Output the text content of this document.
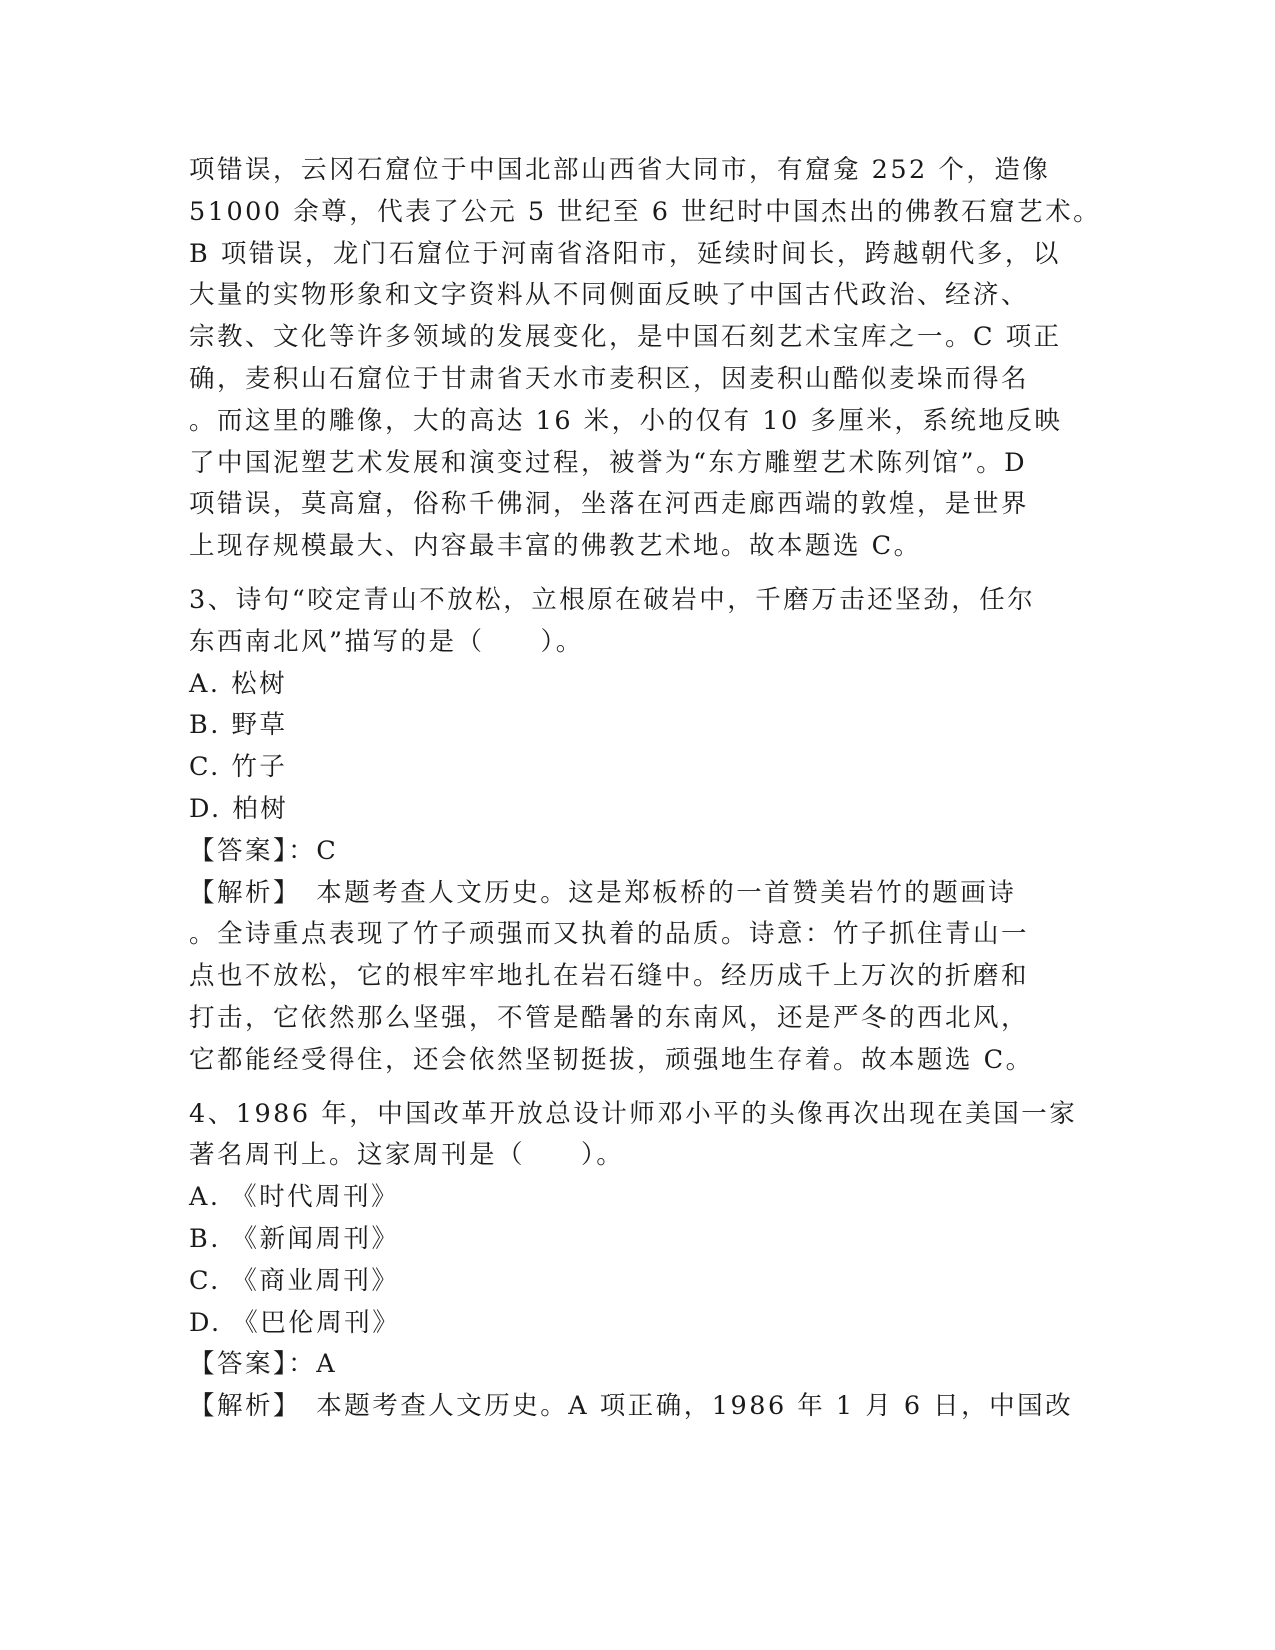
项错误，云冈石窟位于中国北部山西省大同市，有窟龛 252 个，造像

51000 余尊，代表了公元 5 世纪至 6 世纪时中国杰出的佛教石窟艺术。

B 项错误，龙门石窟位于河南省洛阳市，延续时间长，跨越朝代多，以

大量的实物形象和文字资料从不同侧面反映了中国古代政治、经济、

宗教、文化等许多领域的发展变化，是中国石刻艺术宝库之一。C 项正

确，麦积山石窟位于甘肃省天水市麦积区，因麦积山酷似麦垛而得名

。而这里的雕像，大的高达 16 米，小的仅有 10 多厘米，系统地反映

了中国泥塑艺术发展和演变过程，被誉为“东方雕塑艺术陈列馆”。D

项错误，莫高窟，俗称千佛洞，坐落在河西走廊西端的敦煌，是世界

上现存规模最大、内容最丰富的佛教艺术地。故本题选 C。

3、诗句“咬定青山不放松，立根原在破岩中，千磨万击还坚劲，任尔

东西南北风”描写的是（　　）。

A. 松树

B. 野草

C. 竹子

D. 柏树

【答案】：C

【解析】　本题考查人文历史。这是郑板桥的一首赞美岩竹的题画诗

。全诗重点表现了竹子顽强而又执着的品质。诗意：竹子抓住青山一

点也不放松，它的根牢牢地扎在岩石缝中。经历成千上万次的折磨和

打击，它依然那么坚强，不管是酷暑的东南风，还是严冬的西北风，

它都能经受得住，还会依然坚韧挺拔，顽强地生存着。故本题选 C。

4、1986 年，中国改革开放总设计师邓小平的头像再次出现在美国一家

著名周刊上。这家周刊是（　　）。

A. 《时代周刊》

B. 《新闻周刊》

C. 《商业周刊》

D. 《巴伦周刊》

【答案】：A

【解析】　本题考查人文历史。A 项正确，1986 年 1 月 6 日，中国改
